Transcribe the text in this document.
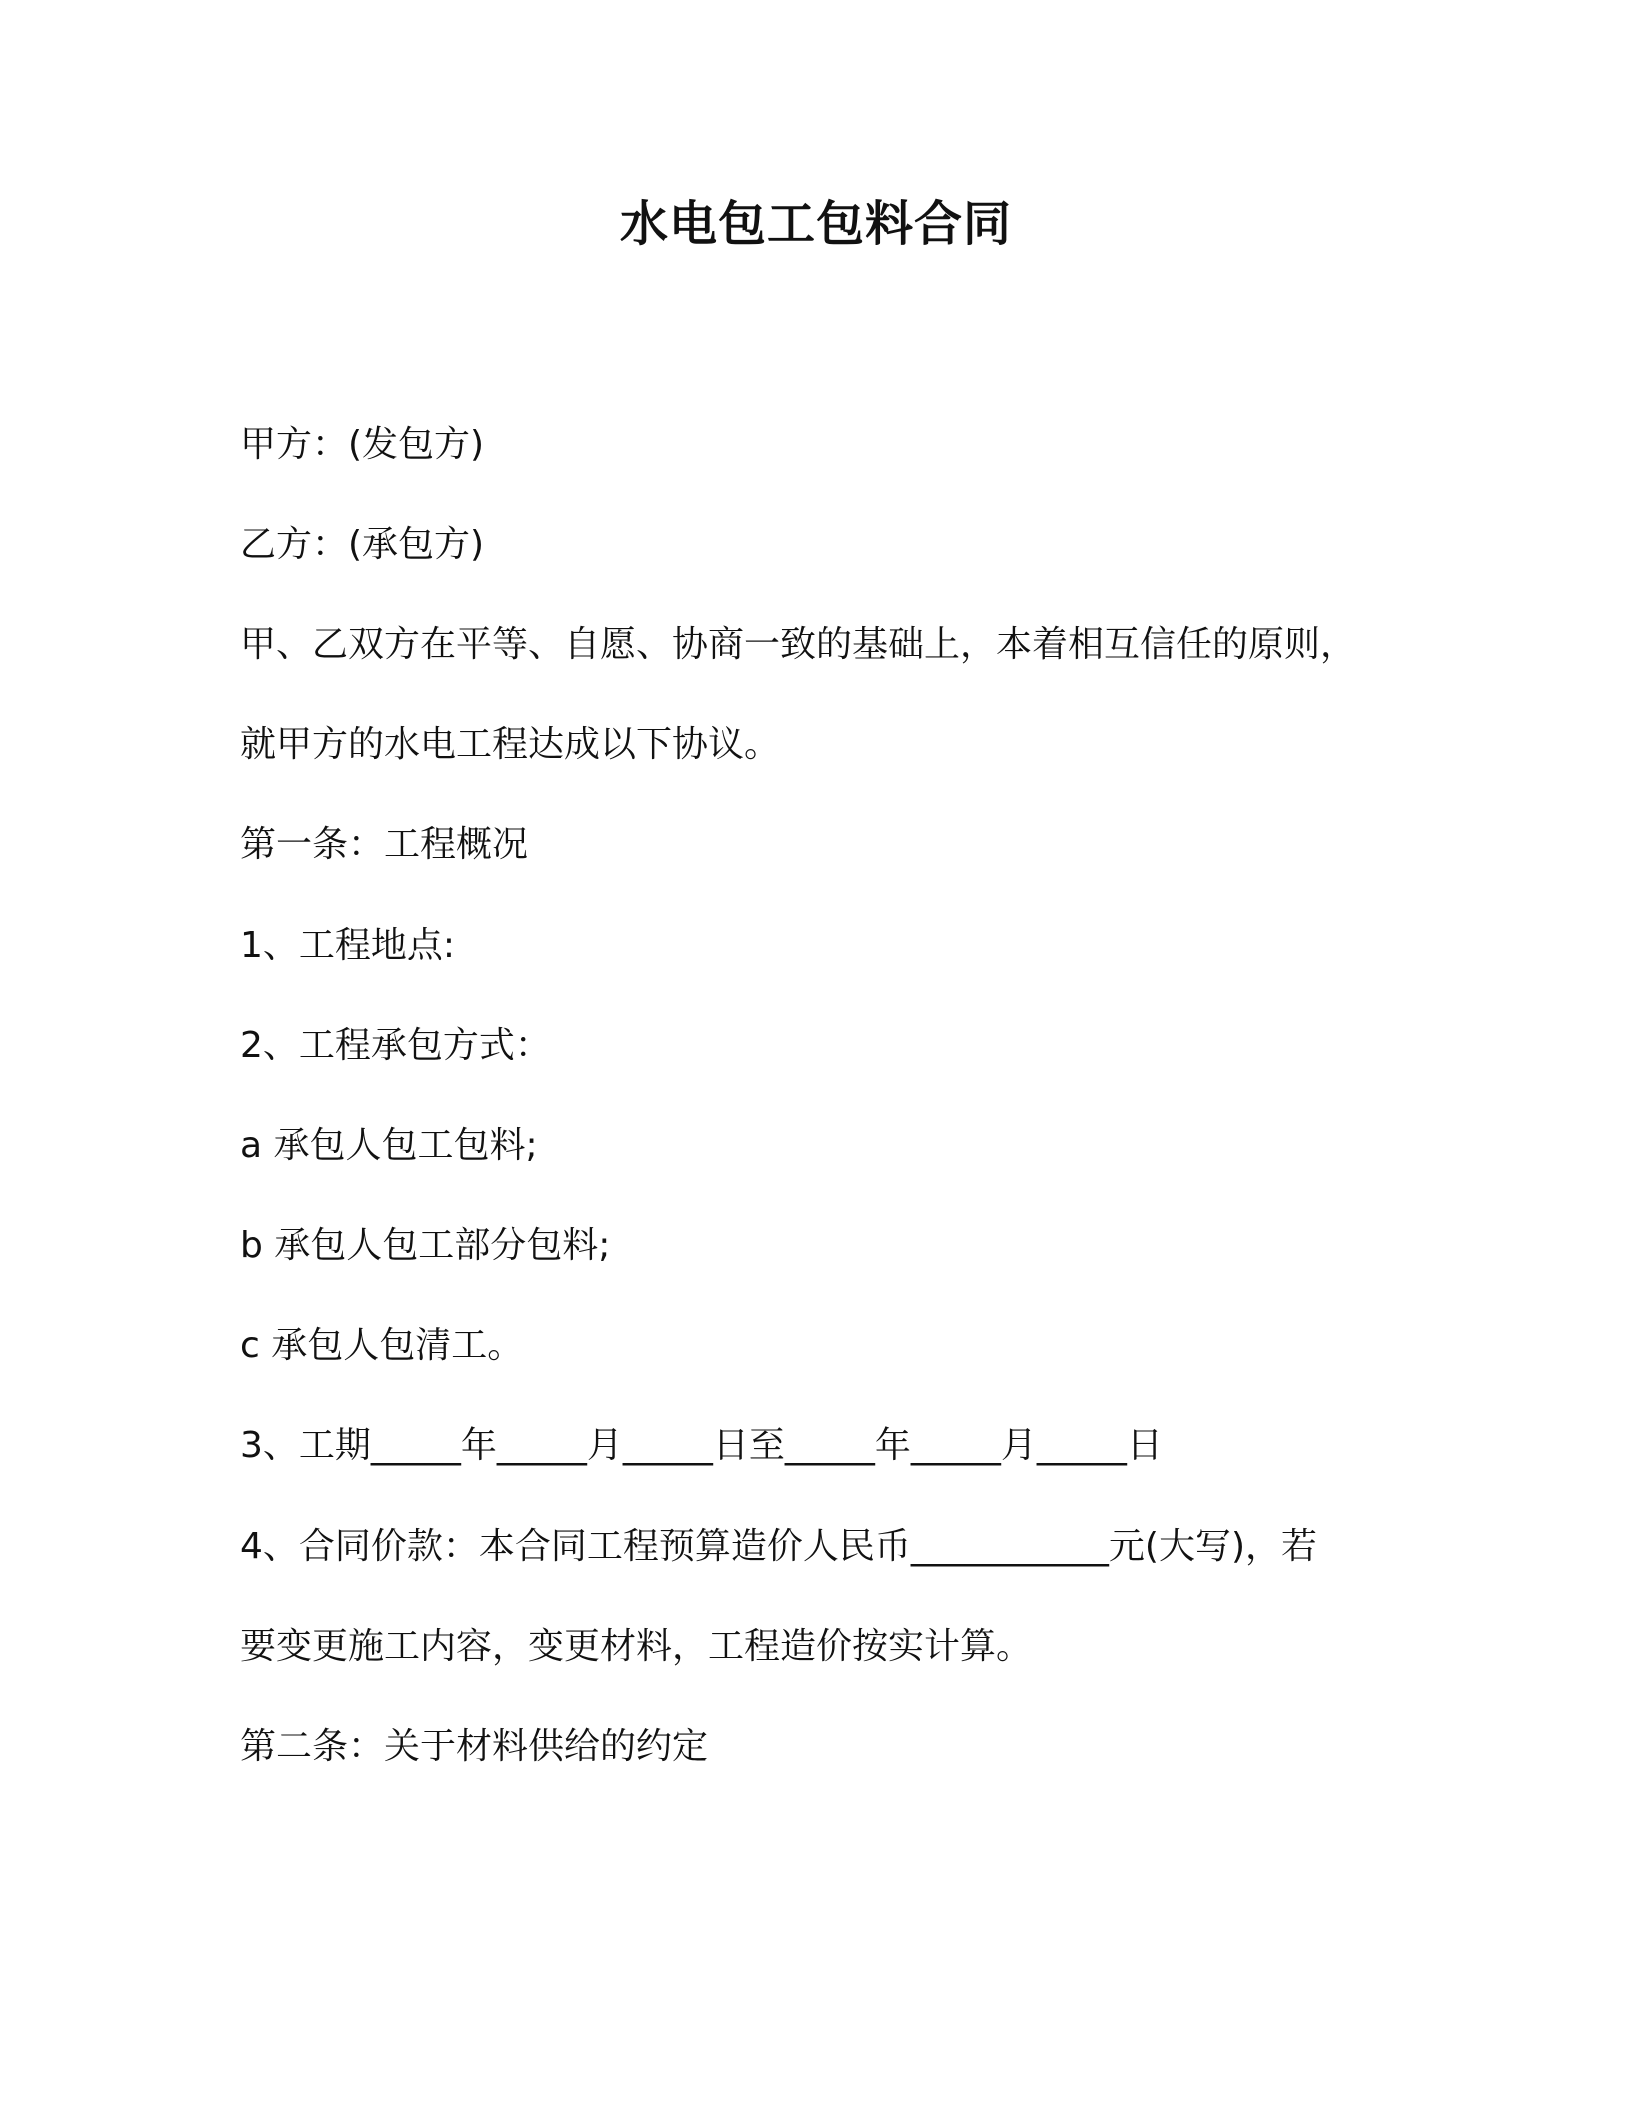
水电包工包料合同
甲方：(发包方)
乙方：(承包方)
甲、乙双方在平等、自愿、协商一致的基础上，本着相互信任的原则，
就甲方的水电工程达成以下协议。
第一条：工程概况
1、工程地点:
2、工程承包方式：
a 承包人包工包料;
b 承包人包工部分包料;
c 承包人包清工。
3、工期_____年_____月_____日至_____年_____月_____日
4、合同价款：本合同工程预算造价人民币___________元(大写)，若
要变更施工内容，变更材料，工程造价按实计算。
第二条：关于材料供给的约定
